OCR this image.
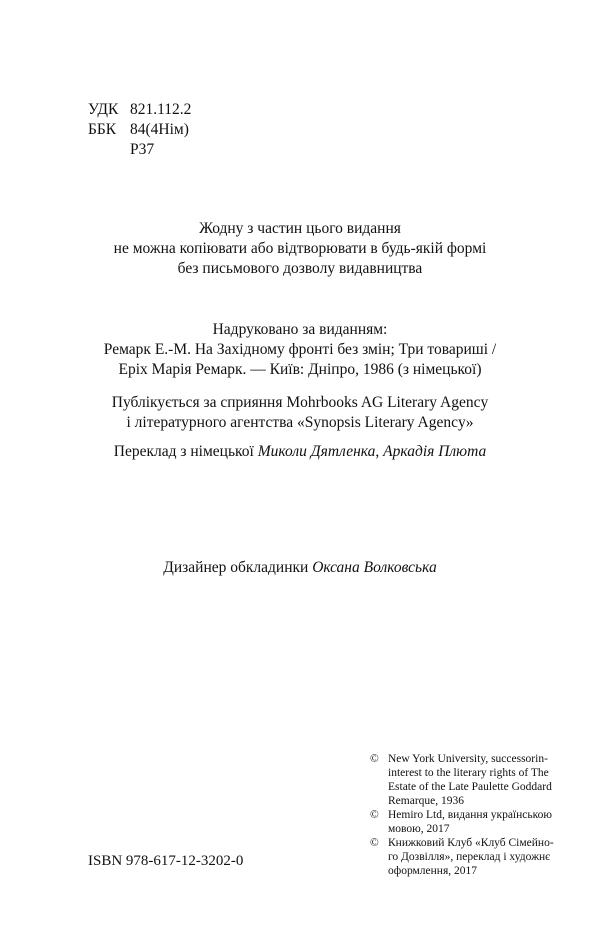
УДК 821.112.2
ББК 84(4Нім)
Р37
Жодну з частин цього видання
не можна копіювати або відтворювати в будь-якій формі
без письмового дозволу видавництва
Надруковано за виданням:
Ремарк Е.-М. На Західному фронті без змін; Три товариші /
Еріх Марія Ремарк. — Київ: Дніпро, 1986 (з німецької)
Публікується за сприяння Mohrbooks AG Literary Agency
і літературного агентства «Synopsis Literary Agency»
Переклад з німецької Миколи Дятленка, Аркадія Плюта
Дизайнер обкладинки Оксана Волковська
© New York University, successorin-
interest to the literary rights of The
Estate of the Late Paulette Goddard
Remarque, 1936
© Hemiro Ltd, видання українською
мовою, 2017
© Книжковий Клуб «Клуб Сімейно-
го Дозвілля», переклад і художнє
оформлення, 2017
ISBN 978-617-12-3202-0
